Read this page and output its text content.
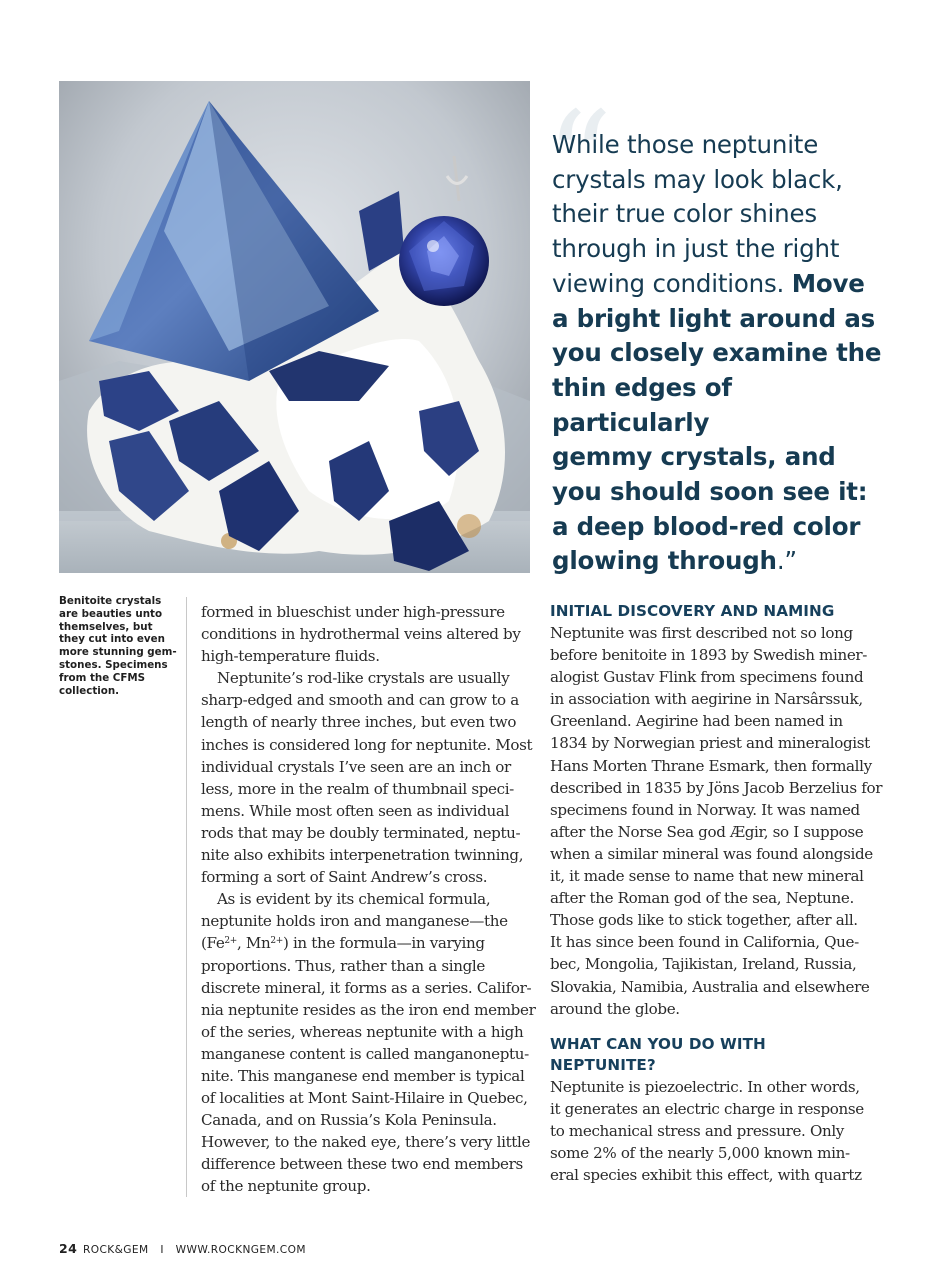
“

While those neptunite
crystals may look black,
their true color shines
through in just the right
viewing conditions. Move
a bright light around as
you closely examine the
thin edges of particularly
gemmy crystals, and
you should soon see it:
a deep blood-red color
glowing through.”

Benitoite crystals
are beauties unto
themselves, but
they cut into even
more stunning gem-
stones. Specimens
from the CFMS
collection.
formed in blueschist under high-pressure
conditions in hydrothermal veins altered by
high-temperature fluids.
Neptunite’s rod-like crystals are usually
sharp-edged and smooth and can grow to a
length of nearly three inches, but even two
inches is considered long for neptunite. Most
individual crystals I’ve seen are an inch or
less, more in the realm of thumbnail speci-
mens. While most often seen as individual
rods that may be doubly terminated, neptu-
nite also exhibits interpenetration twinning,
forming a sort of Saint Andrew’s cross.
As is evident by its chemical formula,
neptunite holds iron and manganese—the
($Fe^{2+}$, $Mn^{2+}$) in the formula—in varying
proportions. Thus, rather than a single
discrete mineral, it forms as a series. Califor-
nia neptunite resides as the iron end member
of the series, whereas neptunite with a high
manganese content is called manganoneptu-
nite. This manganese end member is typical
of localities at Mont Saint-Hilaire in Quebec,
Canada, and on Russia’s Kola Peninsula.
However, to the naked eye, there’s very little
difference between these two end members
of the neptunite group.
INITIAL DISCOVERY AND NAMING
Neptunite was first described not so long
before benitoite in 1893 by Swedish miner-
alogist Gustav Flink from specimens found
in association with aegirine in Narsârssuk,
Greenland. Aegirine had been named in
1834 by Norwegian priest and mineralogist
Hans Morten Thrane Esmark, then formally
described in 1835 by Jöns Jacob Berzelius for
specimens found in Norway. It was named
after the Norse Sea god Ægir, so I suppose
when a similar mineral was found alongside
it, it made sense to name that new mineral
after the Roman god of the sea, Neptune.
Those gods like to stick together, after all.
It has since been found in California, Que-
bec, Mongolia, Tajikistan, Ireland, Russia,
Slovakia, Namibia, Australia and elsewhere
around the globe.
WHAT CAN YOU DO WITH
NEPTUNITE?
Neptunite is piezoelectric. In other words,
it generates an electric charge in response
to mechanical stress and pressure. Only
some 2% of the nearly 5,000 known min-
eral species exhibit this effect, with quartz
24 ROCK&GEM I WWW.ROCKNGEM.COM
